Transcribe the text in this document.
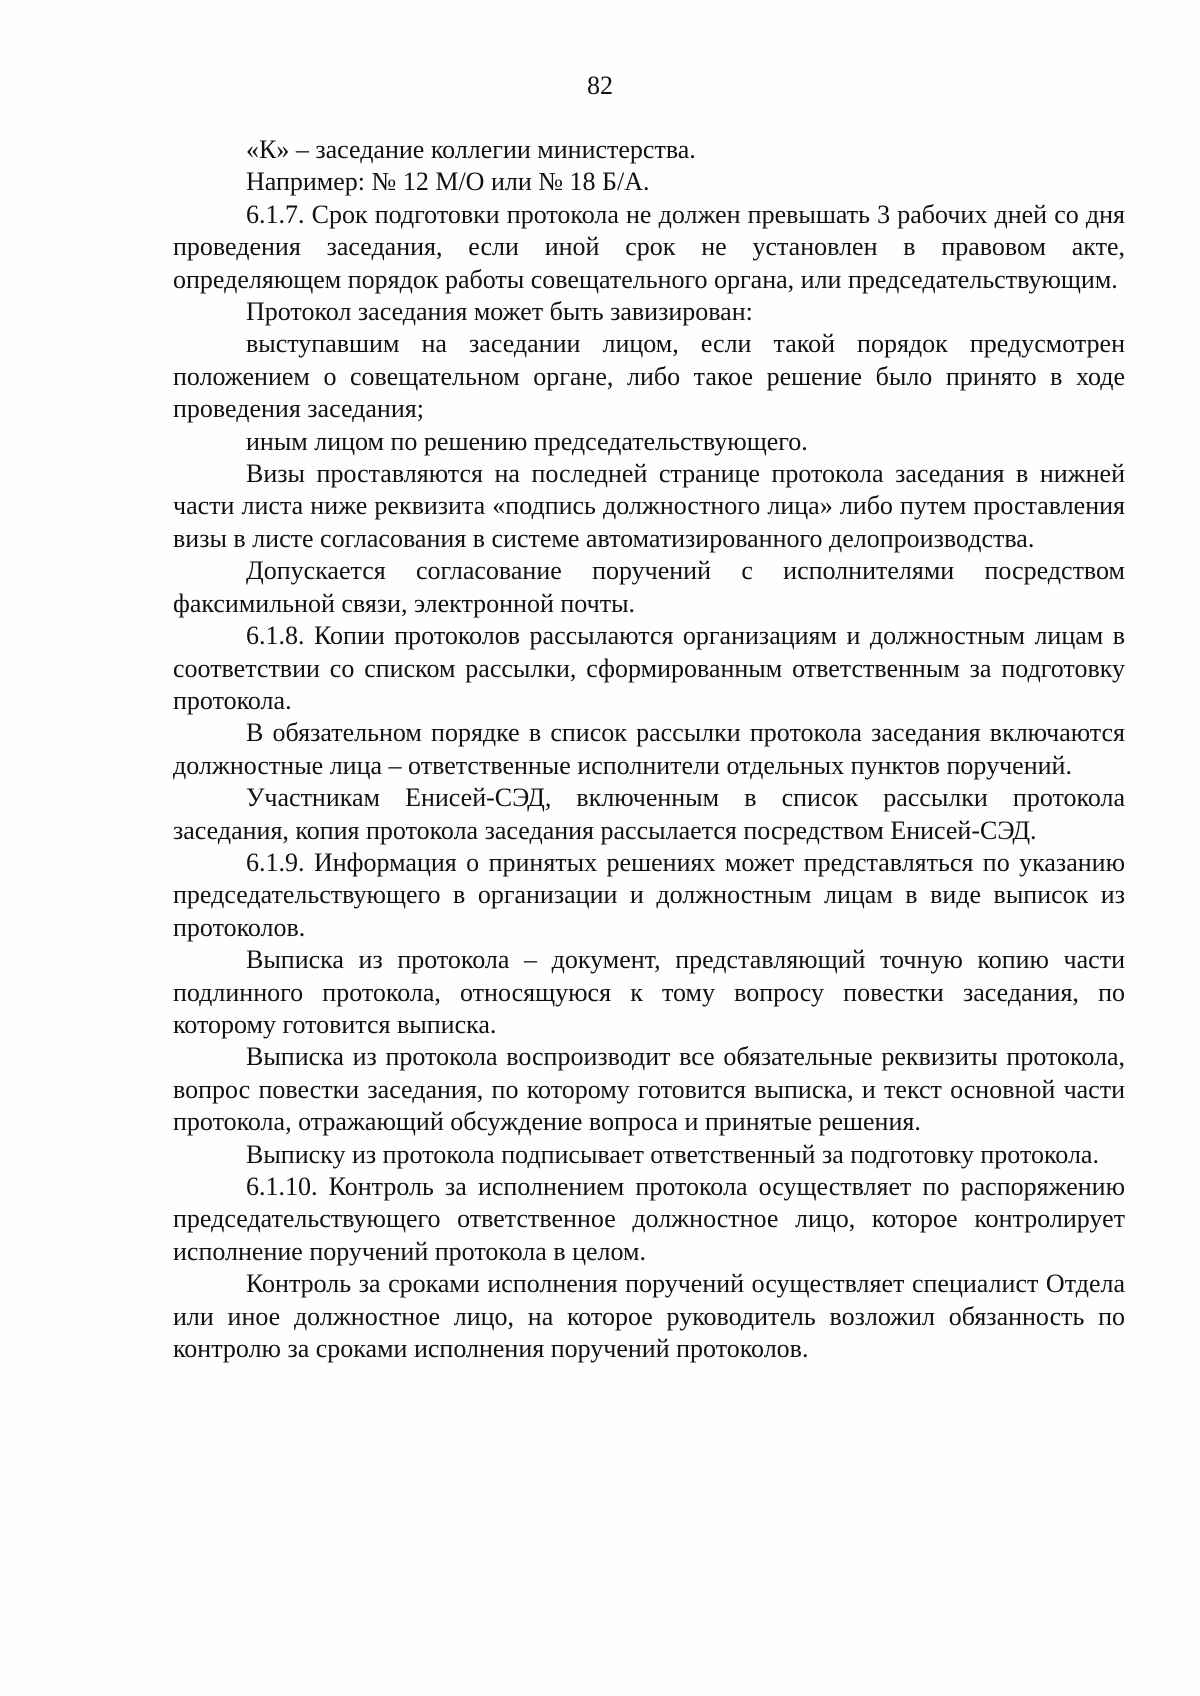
82

«К» – заседание коллегии министерства.

Например: № 12 М/О или № 18 Б/А.

6.1.7. Срок подготовки протокола не должен превышать 3 рабочих дней со дня проведения заседания, если иной срок не установлен в правовом акте, определяющем порядок работы совещательного органа, или председательствующим.

Протокол заседания может быть завизирован:

выступавшим на заседании лицом, если такой порядок предусмотрен положением о совещательном органе, либо такое решение было принято в ходе проведения заседания;

иным лицом по решению председательствующего.

Визы проставляются на последней странице протокола заседания в нижней части листа ниже реквизита «подпись должностного лица» либо путем проставления визы в листе согласования в системе автоматизированного делопроизводства.

Допускается согласование поручений с исполнителями посредством факсимильной связи, электронной почты.

6.1.8. Копии протоколов рассылаются организациям и должностным лицам в соответствии со списком рассылки, сформированным ответственным за подготовку протокола.

В обязательном порядке в список рассылки протокола заседания включаются должностные лица – ответственные исполнители отдельных пунктов поручений.

Участникам Енисей-СЭД, включенным в список рассылки протокола заседания, копия протокола заседания рассылается посредством Енисей-СЭД.

6.1.9. Информация о принятых решениях может представляться по указанию председательствующего в организации и должностным лицам в виде выписок из протоколов.

Выписка из протокола – документ, представляющий точную копию части подлинного протокола, относящуюся к тому вопросу повестки заседания, по которому готовится выписка.

Выписка из протокола воспроизводит все обязательные реквизиты протокола, вопрос повестки заседания, по которому готовится выписка, и текст основной части протокола, отражающий обсуждение вопроса и принятые решения.

Выписку из протокола подписывает ответственный за подготовку протокола.

6.1.10. Контроль за исполнением протокола осуществляет по распоряжению председательствующего ответственное должностное лицо, которое контролирует исполнение поручений протокола в целом.

Контроль за сроками исполнения поручений осуществляет специалист Отдела или иное должностное лицо, на которое руководитель возложил обязанность по контролю за сроками исполнения поручений протоколов.
